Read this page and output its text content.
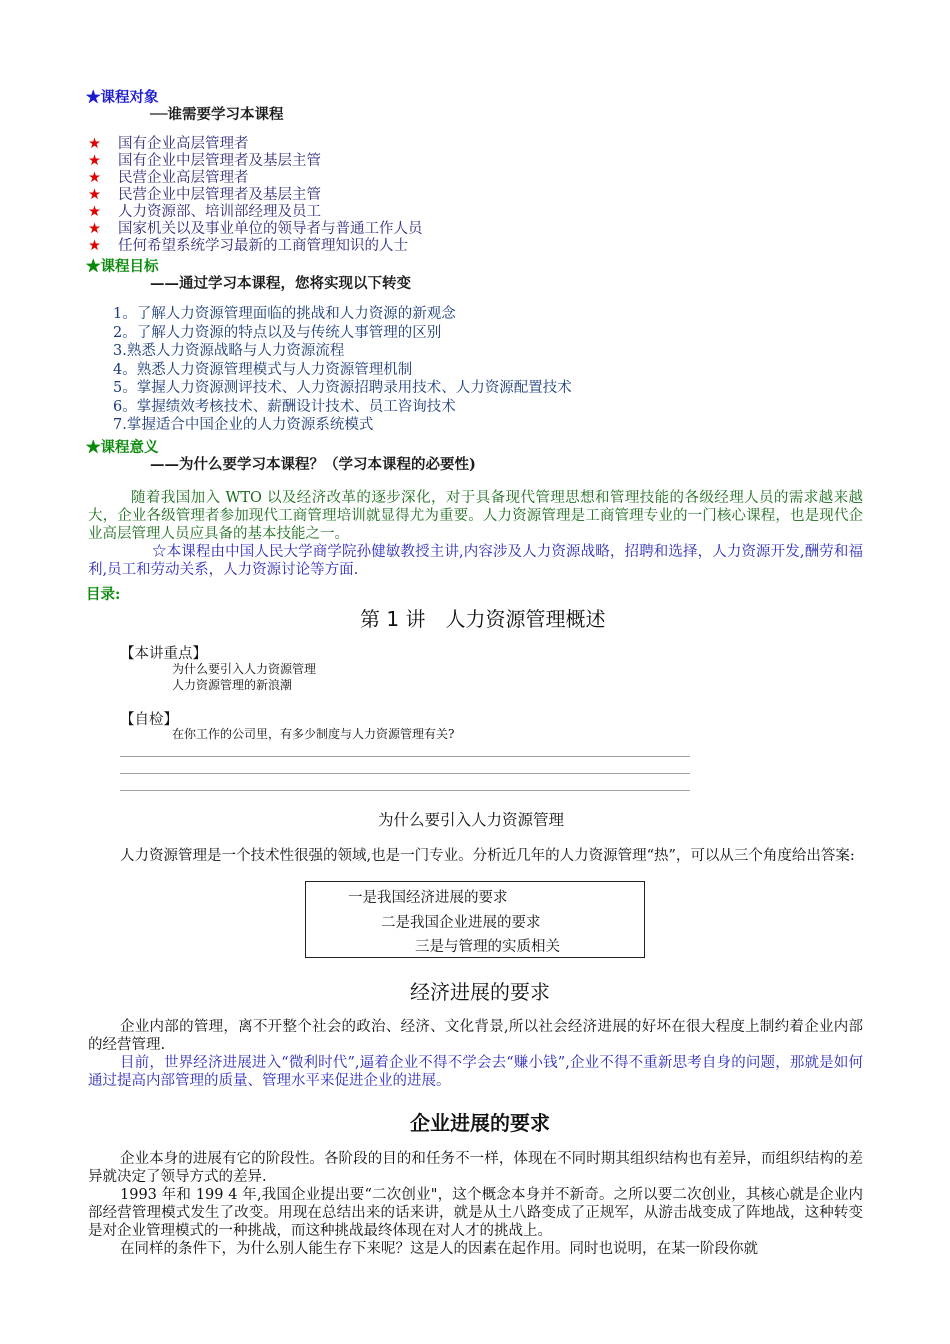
★课程对象
──谁需要学习本课程
★ 国有企业高层管理者
★ 国有企业中层管理者及基层主管
★ 民营企业高层管理者
★ 民营企业中层管理者及基层主管
★ 人力资源部、培训部经理及员工
★ 国家机关以及事业单位的领导者与普通工作人员
★ 任何希望系统学习最新的工商管理知识的人士
★课程目标
——通过学习本课程，您将实现以下转变
1。了解人力资源管理面临的挑战和人力资源的新观念
2。了解人力资源的特点以及与传统人事管理的区别
3.熟悉人力资源战略与人力资源流程
4。熟悉人力资源管理模式与人力资源管理机制
5。掌握人力资源测评技术、人力资源招聘录用技术、人力资源配置技术
6。掌握绩效考核技术、薪酬设计技术、员工咨询技术
7.掌握适合中国企业的人力资源系统模式
★课程意义
——为什么要学习本课程？（学习本课程的必要性)
随着我国加入 WTO 以及经济改革的逐步深化，对于具备现代管理思想和管理技能的各级经理人员的需求越来越大，企业各级管理者参加现代工商管理培训就显得尤为重要。人力资源管理是工商管理专业的一门核心课程，也是现代企业高层管理人员应具备的基本技能之一。
☆本课程由中国人民大学商学院孙健敏教授主讲,内容涉及人力资源战略，招聘和选择，人力资源开发,酬劳和福利,员工和劳动关系，人力资源讨论等方面.
目录:
第 1 讲　人力资源管理概述
【本讲重点】
为什么要引入人力资源管理
人力资源管理的新浪潮
【自检】
在你工作的公司里，有多少制度与人力资源管理有关?
为什么要引入人力资源管理
人力资源管理是一个技术性很强的领域,也是一门专业。分析近几年的人力资源管理“热”，可以从三个角度给出答案:
一是我国经济进展的要求
二是我国企业进展的要求
三是与管理的实质相关
经济进展的要求
企业内部的管理，离不开整个社会的政治、经济、文化背景,所以社会经济进展的好坏在很大程度上制约着企业内部的经营管理.
目前，世界经济进展进入“微利时代”,逼着企业不得不学会去“赚小钱”,企业不得不重新思考自身的问题，那就是如何通过提高内部管理的质量、管理水平来促进企业的进展。
企业进展的要求
企业本身的进展有它的阶段性。各阶段的目的和任务不一样，体现在不同时期其组织结构也有差异，而组织结构的差异就决定了领导方式的差异.
1993 年和 199 4 年,我国企业提出要“二次创业"，这个概念本身并不新奇。之所以要二次创业，其核心就是企业内部经营管理模式发生了改变。用现在总结出来的话来讲，就是从土八路变成了正规军，从游击战变成了阵地战，这种转变是对企业管理模式的一种挑战，而这种挑战最终体现在对人才的挑战上。
在同样的条件下，为什么别人能生存下来呢？这是人的因素在起作用。同时也说明，在某一阶段你就
